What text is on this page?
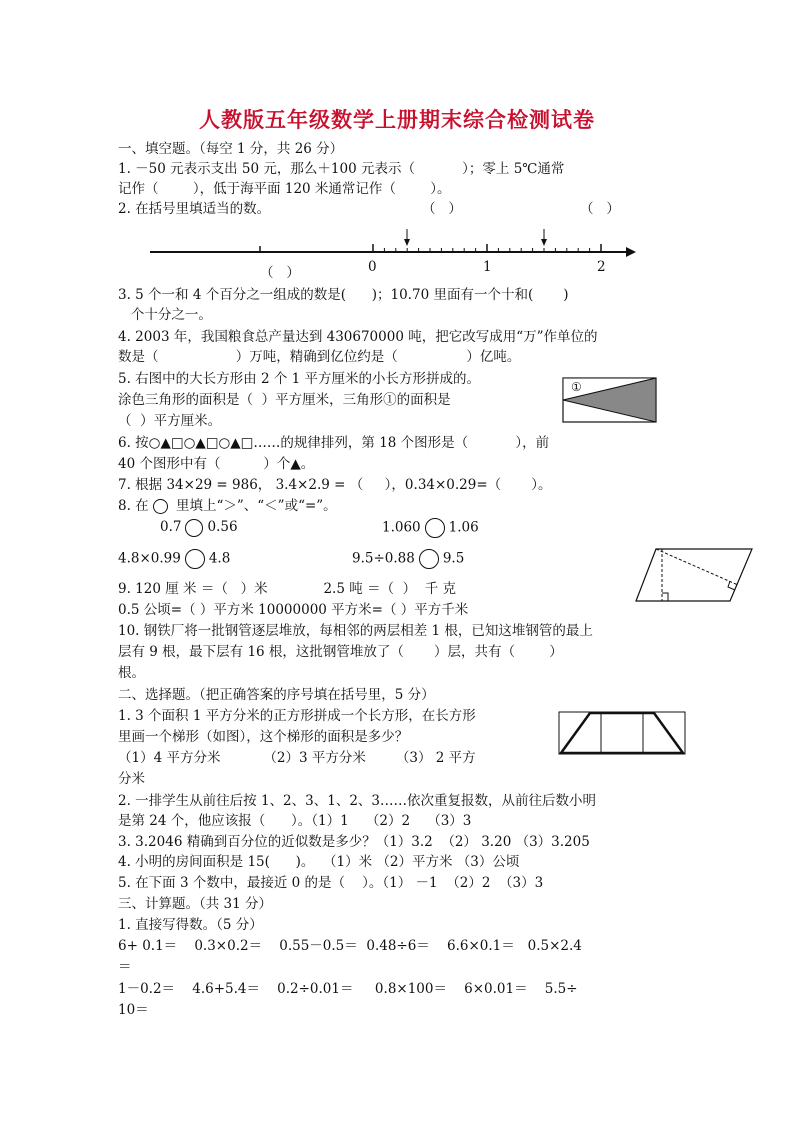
人教版五年级数学上册期末综合检测试卷
一、填空题。（每空 1 分，共 26 分）
1. －50 元表示支出 50 元，那么＋100 元表示（           ）；零上 5℃通常
记作（        ），低于海平面 120 米通常记作（        ）。
2. 在括号里填适当的数。	（   ）	（   ）
0	1	2
（   ）
3. 5 个一和 4 个百分之一组成的数是(      )；10.70 里面有一个十和(       )
个十分之一。
4. 2003 年，我国粮食总产量达到 430670000 吨，把它改写成用“万”作单位的
数是（                  ）万吨，精确到亿位约是（                ）亿吨。
5. 右图中的大长方形由 2 个 1 平方厘米的小长方形拼成的。
涂色三角形的面积是（  ）平方厘米，三角形①的面积是
（  ）平方厘米。
①
6. 按○▲□○▲□○▲□……的规律排列，第 18 个图形是（           ），前
40 个图形中有（          ）个▲。
7. 根据 34×29 = 986， 3.4×2.9 = （     ），0.34×0.29=（       ）。
8. 在 里填上“＞”、“＜”或“=”。
0.7 0.56	1.060 1.06
4.8×0.99 4.8	9.5÷0.88 9.5
9. 120 厘 米 ＝（   ）米             2.5 吨 ＝（  ）  千 克
0.5 公顷=（ ）平方米 10000000 平方米=（ ）平方千米
10. 钢铁厂将一批钢管逐层堆放，每相邻的两层相差 1 根，已知这堆钢管的最上
层有 9 根，最下层有 16 根，这批钢管堆放了（       ）层，共有（        ）
根。
二、选择题。（把正确答案的序号填在括号里，5 分）
1. 3 个面积 1 平方分米的正方形拼成一个长方形，在长方形
里画一个梯形（如图），这个梯形的面积是多少？
（1）4 平方分米          （2）3 平方分米       （3） 2 平方
分米
2. 一排学生从前往后按 1、2、3、1、2、3……依次重复报数，从前往后数小明
是第 24 个，他应该报（      ）。（1）1    （2）2    （3）3
3. 3.2046 精确到百分位的近似数是多少？（1）3.2  （2） 3.20 （3）3.205
4. 小明的房间面积是 15(      )。  （1）米 （2）平方米 （3）公顷
5. 在下面 3 个数中，最接近 0 的是（    ）。（1） －1  （2）2  （3）3
三、计算题。（共 31 分）
1. 直接写得数。（5 分）
6+ 0.1＝    0.3×0.2＝    0.55－0.5＝  0.48÷6＝    6.6×0.1＝   0.5×2.4
＝
1－0.2＝    4.6+5.4＝    0.2÷0.01＝     0.8×100＝    6×0.01＝    5.5÷
10＝
